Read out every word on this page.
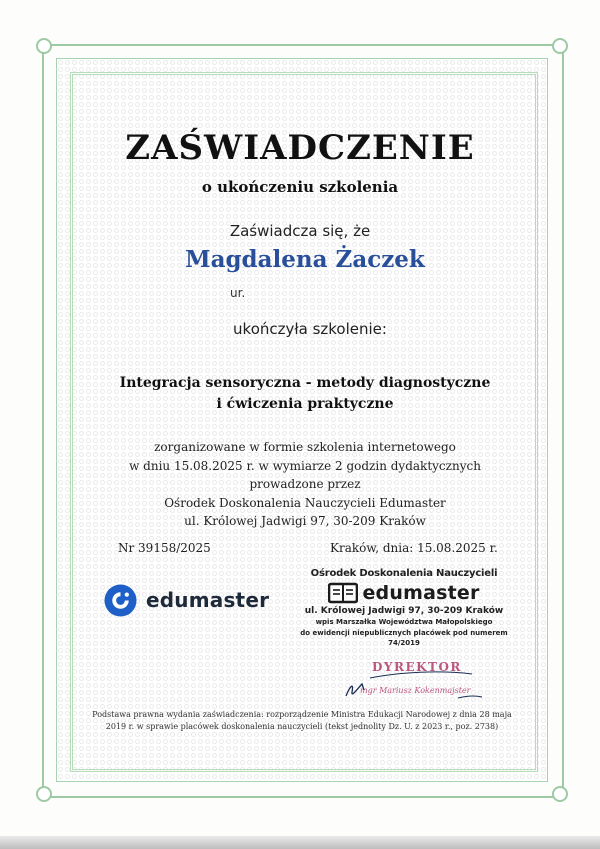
ZAŚWIADCZENIE
o ukończeniu szkolenia
Zaświadcza się, że
Magdalena Żaczek
ur.
ukończyła szkolenie:
Integracja sensoryczna - metody diagnostyczne
i ćwiczenia praktyczne
zorganizowane w formie szkolenia internetowego
w dniu 15.08.2025 r. w wymiarze 2 godzin dydaktycznych
prowadzone przez
Ośrodek Doskonalenia Nauczycieli Edumaster
ul. Królowej Jadwigi 97, 30-209 Kraków
Nr 39158/2025	Kraków, dnia: 15.08.2025 r.
edumaster
Ośrodek Doskonalenia Nauczycieli
edumaster
ul. Królowej Jadwigi 97, 30-209 Kraków
wpis Marszałka Województwa Małopolskiego
do ewidencji niepublicznych placówek pod numerem 74/2019
DYREKTOR
mgr Mariusz Kokenmajster
Podstawa prawna wydania zaświadczenia: rozporządzenie Ministra Edukacji Narodowej z dnia 28 maja
2019 r. w sprawie placówek doskonalenia nauczycieli (tekst jednolity Dz. U. z 2023 r., poz. 2738)
